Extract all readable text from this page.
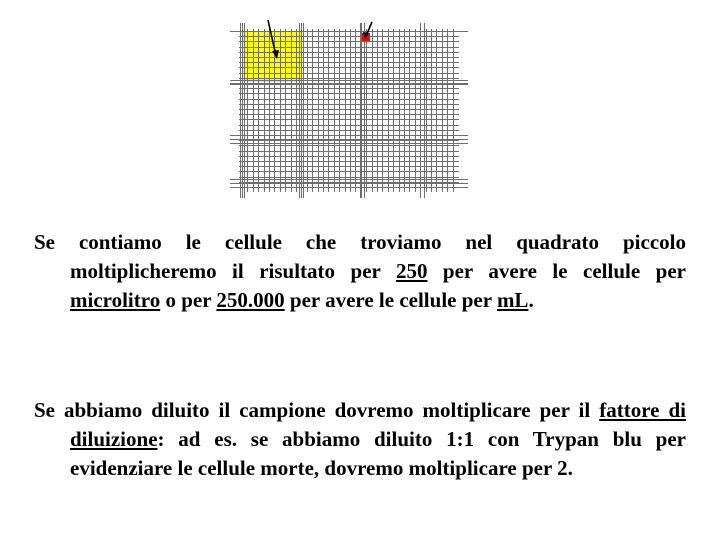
Se contiamo le cellule che troviamo nel quadrato piccolo moltiplicheremo il risultato per 250 per avere le cellule per microlitro o per 250.000 per avere le cellule per mL.

Se abbiamo diluito il campione dovremo moltiplicare per il fattore di diluizione: ad es. se abbiamo diluito 1:1 con Trypan blu per evidenziare le cellule morte, dovremo moltiplicare per 2.
